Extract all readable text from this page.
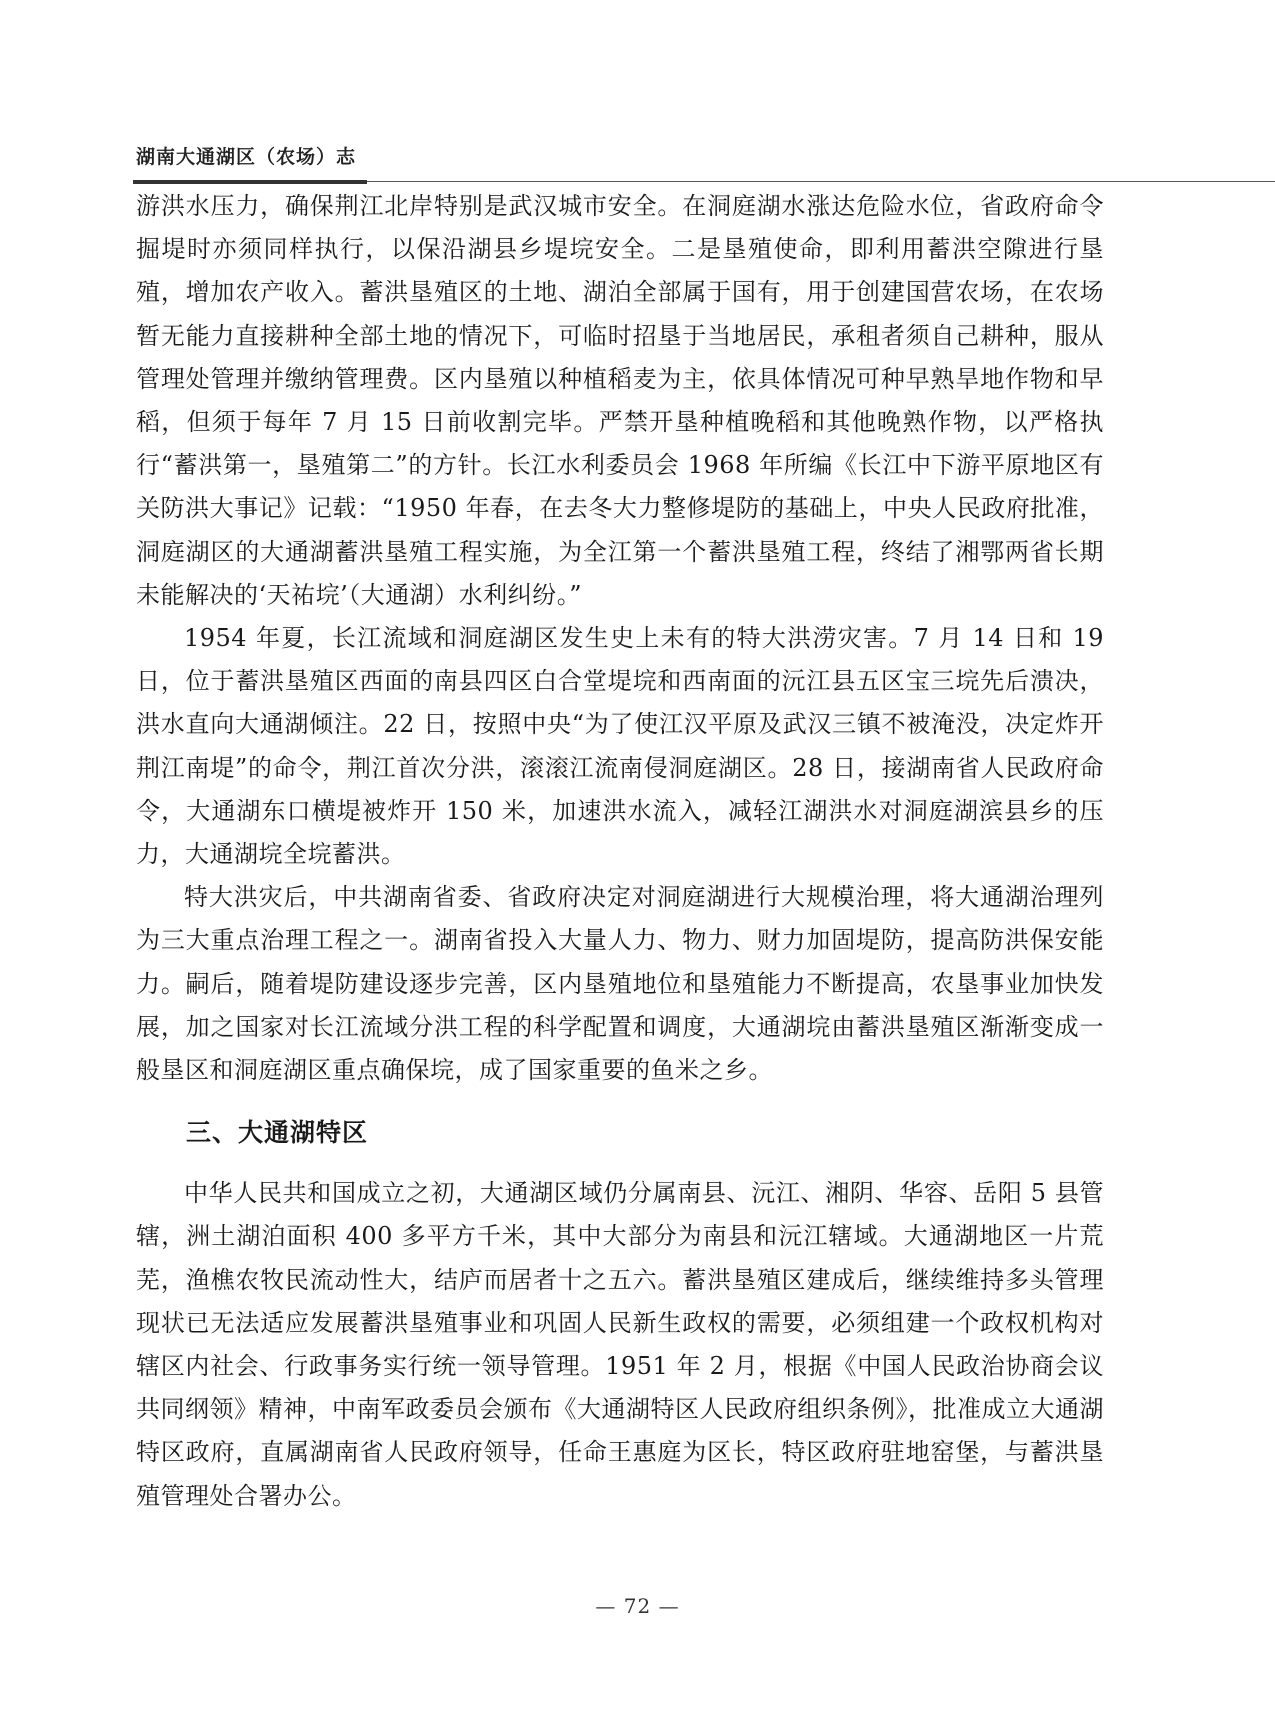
湖南大通湖区（农场）志

游洪水压力，确保荆江北岸特别是武汉城市安全。在洞庭湖水涨达危险水位，省政府命令掘堤时亦须同样执行，以保沿湖县乡堤垸安全。二是垦殖使命，即利用蓄洪空隙进行垦殖，增加农产收入。蓄洪垦殖区的土地、湖泊全部属于国有，用于创建国营农场，在农场暂无能力直接耕种全部土地的情况下，可临时招垦于当地居民，承租者须自己耕种，服从管理处管理并缴纳管理费。区内垦殖以种植稻麦为主，依具体情况可种早熟旱地作物和早稻，但须于每年 7 月 15 日前收割完毕。严禁开垦种植晚稻和其他晚熟作物，以严格执行“蓄洪第一，垦殖第二”的方针。长江水利委员会 1968 年所编《长江中下游平原地区有关防洪大事记》记载：“1950 年春，在去冬大力整修堤防的基础上，中央人民政府批准，洞庭湖区的大通湖蓄洪垦殖工程实施，为全江第一个蓄洪垦殖工程，终结了湘鄂两省长期未能解决的‘天祐垸’（大通湖）水利纠纷。”

1954 年夏，长江流域和洞庭湖区发生史上未有的特大洪涝灾害。7 月 14 日和 19 日，位于蓄洪垦殖区西面的南县四区白合堂堤垸和西南面的沅江县五区宝三垸先后溃决，洪水直向大通湖倾注。22 日，按照中央“为了使江汉平原及武汉三镇不被淹没，决定炸开荆江南堤”的命令，荆江首次分洪，滚滚江流南侵洞庭湖区。28 日，接湖南省人民政府命令，大通湖东口横堤被炸开 150 米，加速洪水流入，减轻江湖洪水对洞庭湖滨县乡的压力，大通湖垸全垸蓄洪。

特大洪灾后，中共湖南省委、省政府决定对洞庭湖进行大规模治理，将大通湖治理列为三大重点治理工程之一。湖南省投入大量人力、物力、财力加固堤防，提高防洪保安能力。嗣后，随着堤防建设逐步完善，区内垦殖地位和垦殖能力不断提高，农垦事业加快发展，加之国家对长江流域分洪工程的科学配置和调度，大通湖垸由蓄洪垦殖区渐渐变成一般垦区和洞庭湖区重点确保垸，成了国家重要的鱼米之乡。

三、大通湖特区

中华人民共和国成立之初，大通湖区域仍分属南县、沅江、湘阴、华容、岳阳 5 县管辖，洲土湖泊面积 400 多平方千米，其中大部分为南县和沅江辖域。大通湖地区一片荒芜，渔樵农牧民流动性大，结庐而居者十之五六。蓄洪垦殖区建成后，继续维持多头管理现状已无法适应发展蓄洪垦殖事业和巩固人民新生政权的需要，必须组建一个政权机构对辖区内社会、行政事务实行统一领导管理。1951 年 2 月，根据《中国人民政治协商会议共同纲领》精神，中南军政委员会颁布《大通湖特区人民政府组织条例》，批准成立大通湖特区政府，直属湖南省人民政府领导，任命王惠庭为区长，特区政府驻地窑堡，与蓄洪垦殖管理处合署办公。

— 72 —
